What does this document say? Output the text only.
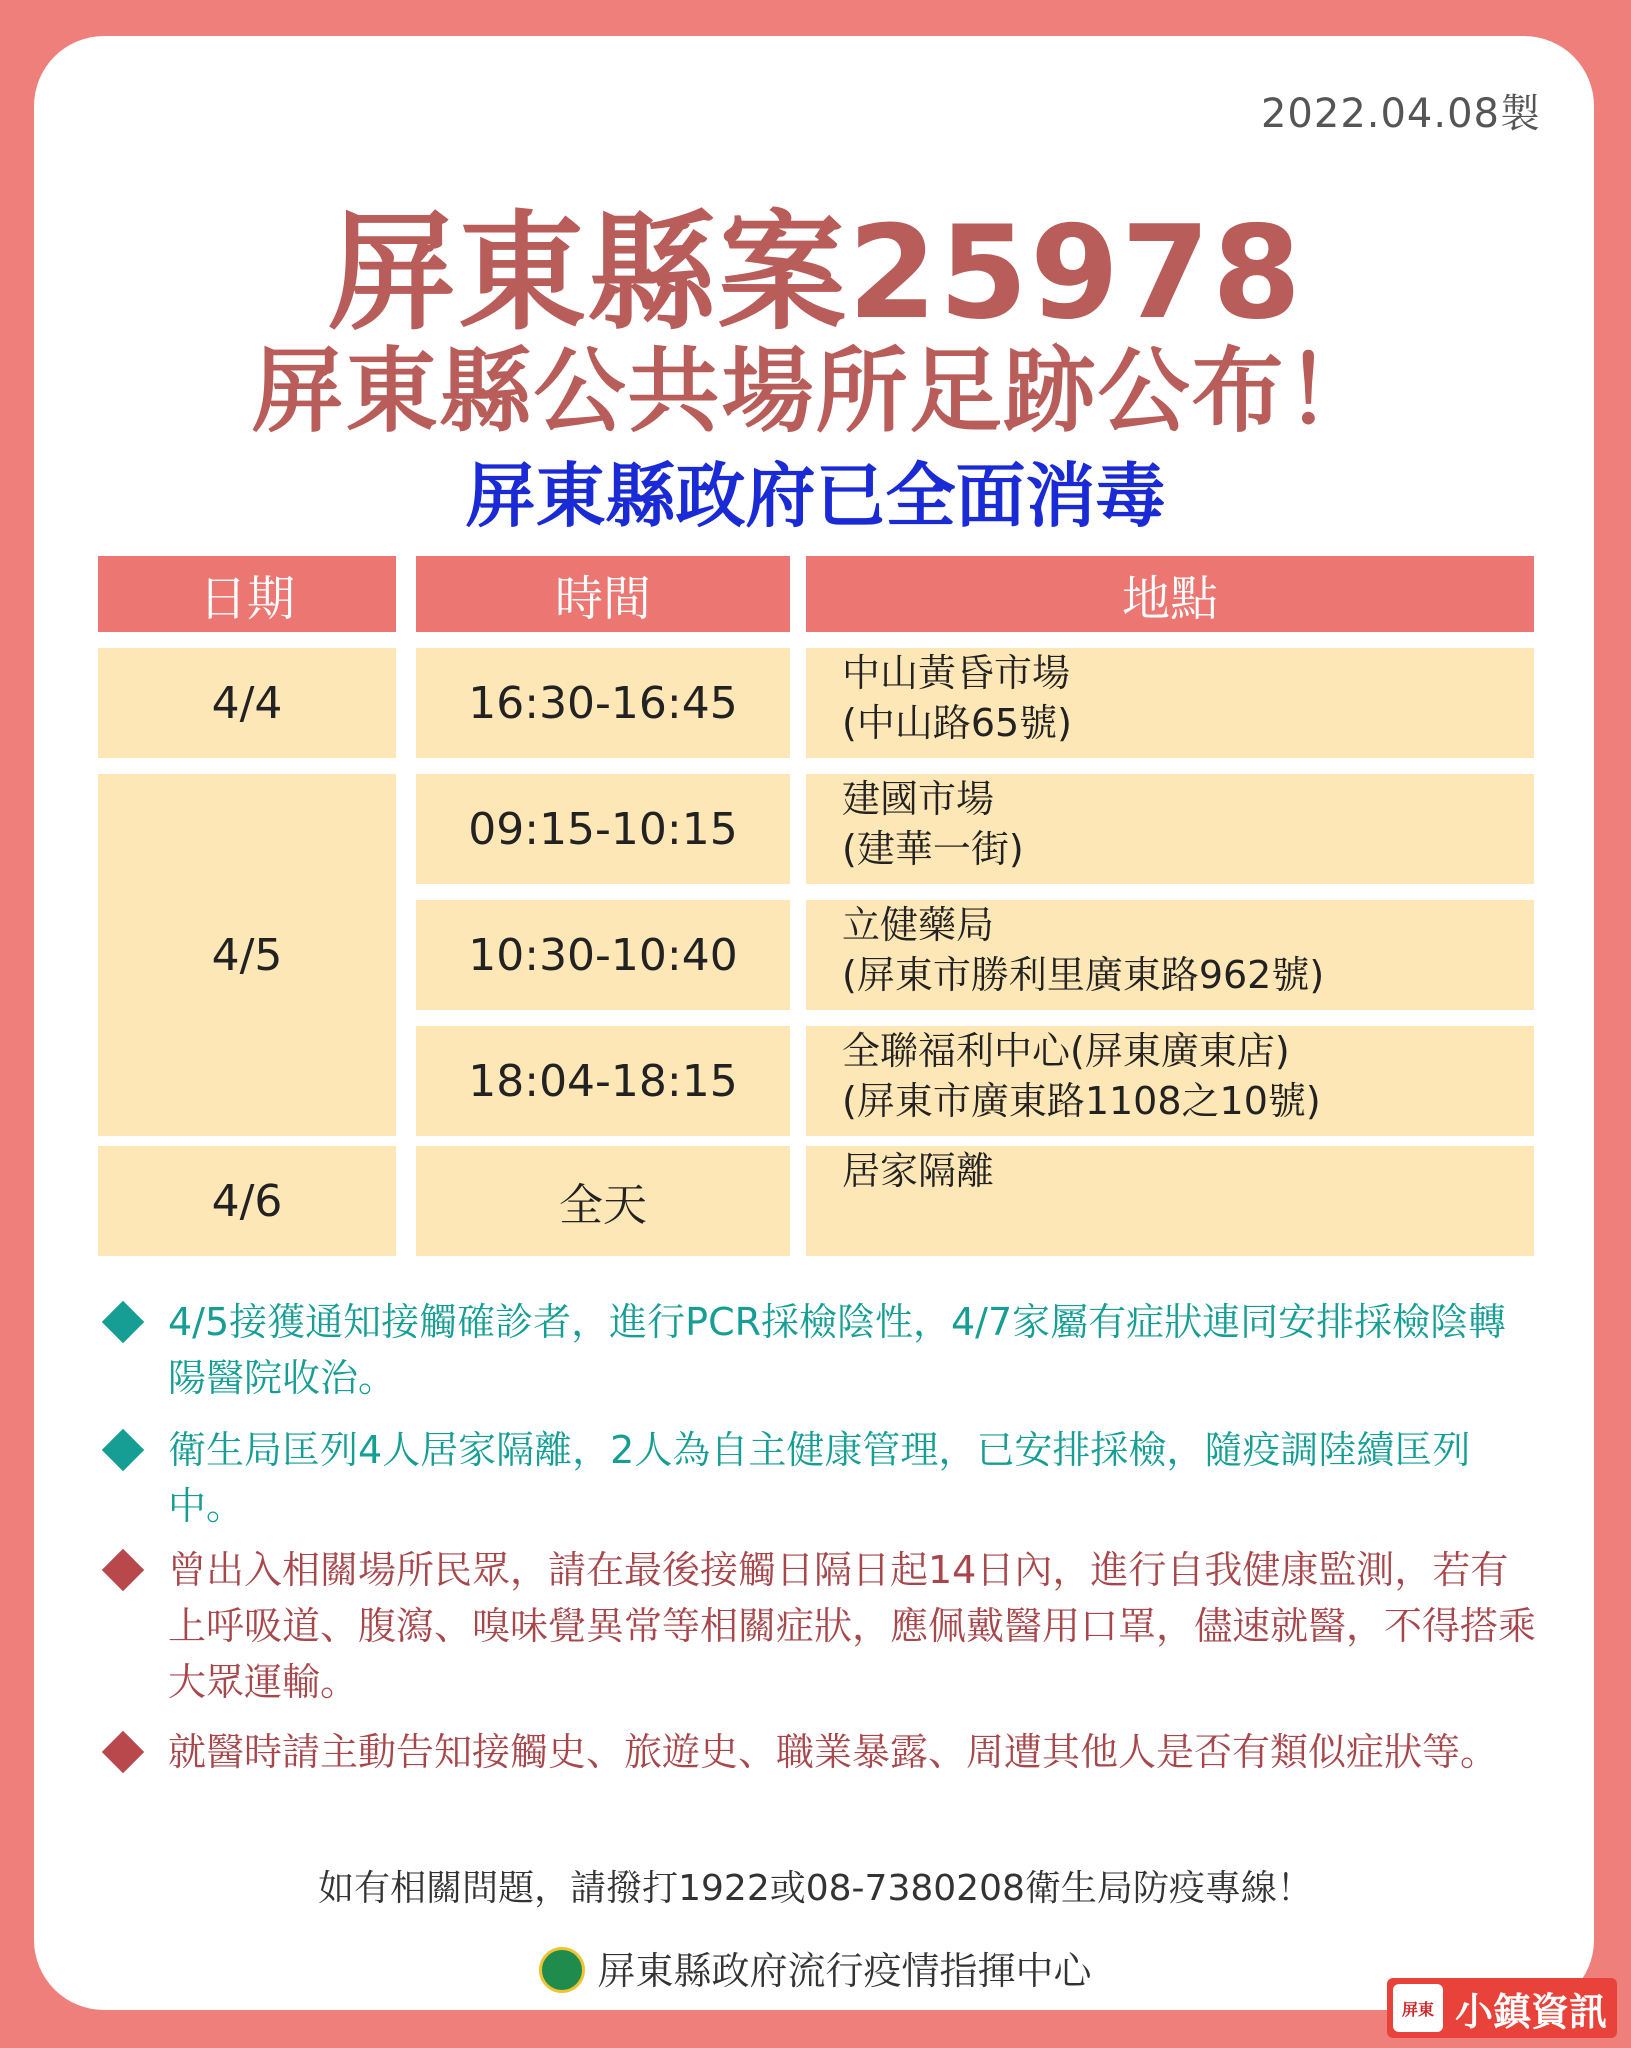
2022.04.08製
屏東縣案25978
屏東縣公共場所足跡公布！
屏東縣政府已全面消毒
日期	時間	地點
4/4
4/5
4/6
16:30-16:45
09:15-10:15
10:30-10:40
18:04-18:15
全天
中山黃昏市場
(中山路65號)
建國市場
(建華一街)
立健藥局
(屏東市勝利里廣東路962號)
全聯福利中心(屏東廣東店)
(屏東市廣東路1108之10號)
居家隔離
4/5接獲通知接觸確診者，進行PCR採檢陰性，4/7家屬有症狀連同安排採檢陰轉陽醫院收治。
衛生局匡列4人居家隔離，2人為自主健康管理，已安排採檢，隨疫調陸續匡列中。
曾出入相關場所民眾，請在最後接觸日隔日起14日內，進行自我健康監測，若有上呼吸道、腹瀉、嗅味覺異常等相關症狀，應佩戴醫用口罩，儘速就醫，不得搭乘大眾運輸。
就醫時請主動告知接觸史、旅遊史、職業暴露、周遭其他人是否有類似症狀等。
如有相關問題，請撥打1922或08-7380208衛生局防疫專線！
屏東縣政府流行疫情指揮中心
屏東 小鎮資訊
